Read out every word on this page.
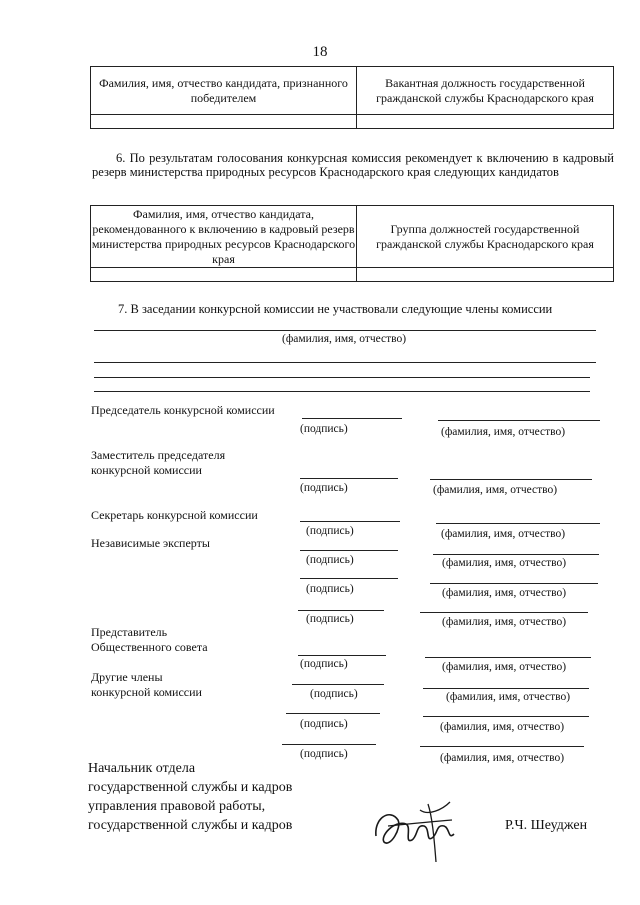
18
Фамилия, имя, отчество кандидата, признанного победителем	Вакантная должность государственной гражданской службы Краснодарского края

6. По результатам голосования конкурсная комиссия рекомендует к включению в кадровый резерв министерства природных ресурсов Краснодарского края следующих кандидатов
Фамилия, имя, отчество кандидата, рекомендованного к включению в кадровый резерв министерства природных ресурсов Краснодарского края	Группа должностей государственной гражданской службы Краснодарского края

7. В заседании конкурсной комиссии не участвовали следующие члены комиссии
(фамилия, имя, отчество)
Председатель конкурсной комиссии
(подпись)	(фамилия, имя, отчество)
Заместитель председателя
конкурсной комиссии
(подпись)	(фамилия, имя, отчество)
Секретарь конкурсной комиссии
(подпись)	(фамилия, имя, отчество)
Независимые эксперты
(подпись)	(фамилия, имя, отчество)
(подпись)	(фамилия, имя, отчество)
(подпись)	(фамилия, имя, отчество)
Представитель
Общественного совета
(подпись)	(фамилия, имя, отчество)
Другие члены
конкурсной комиссии	(подпись)	(фамилия, имя, отчество)
(подпись)	(фамилия, имя, отчество)
(подпись)	(фамилия, имя, отчество)
Начальник отдела
государственной службы и кадров
управления правовой работы,
государственной службы и кадров	Р.Ч. Шеуджен
